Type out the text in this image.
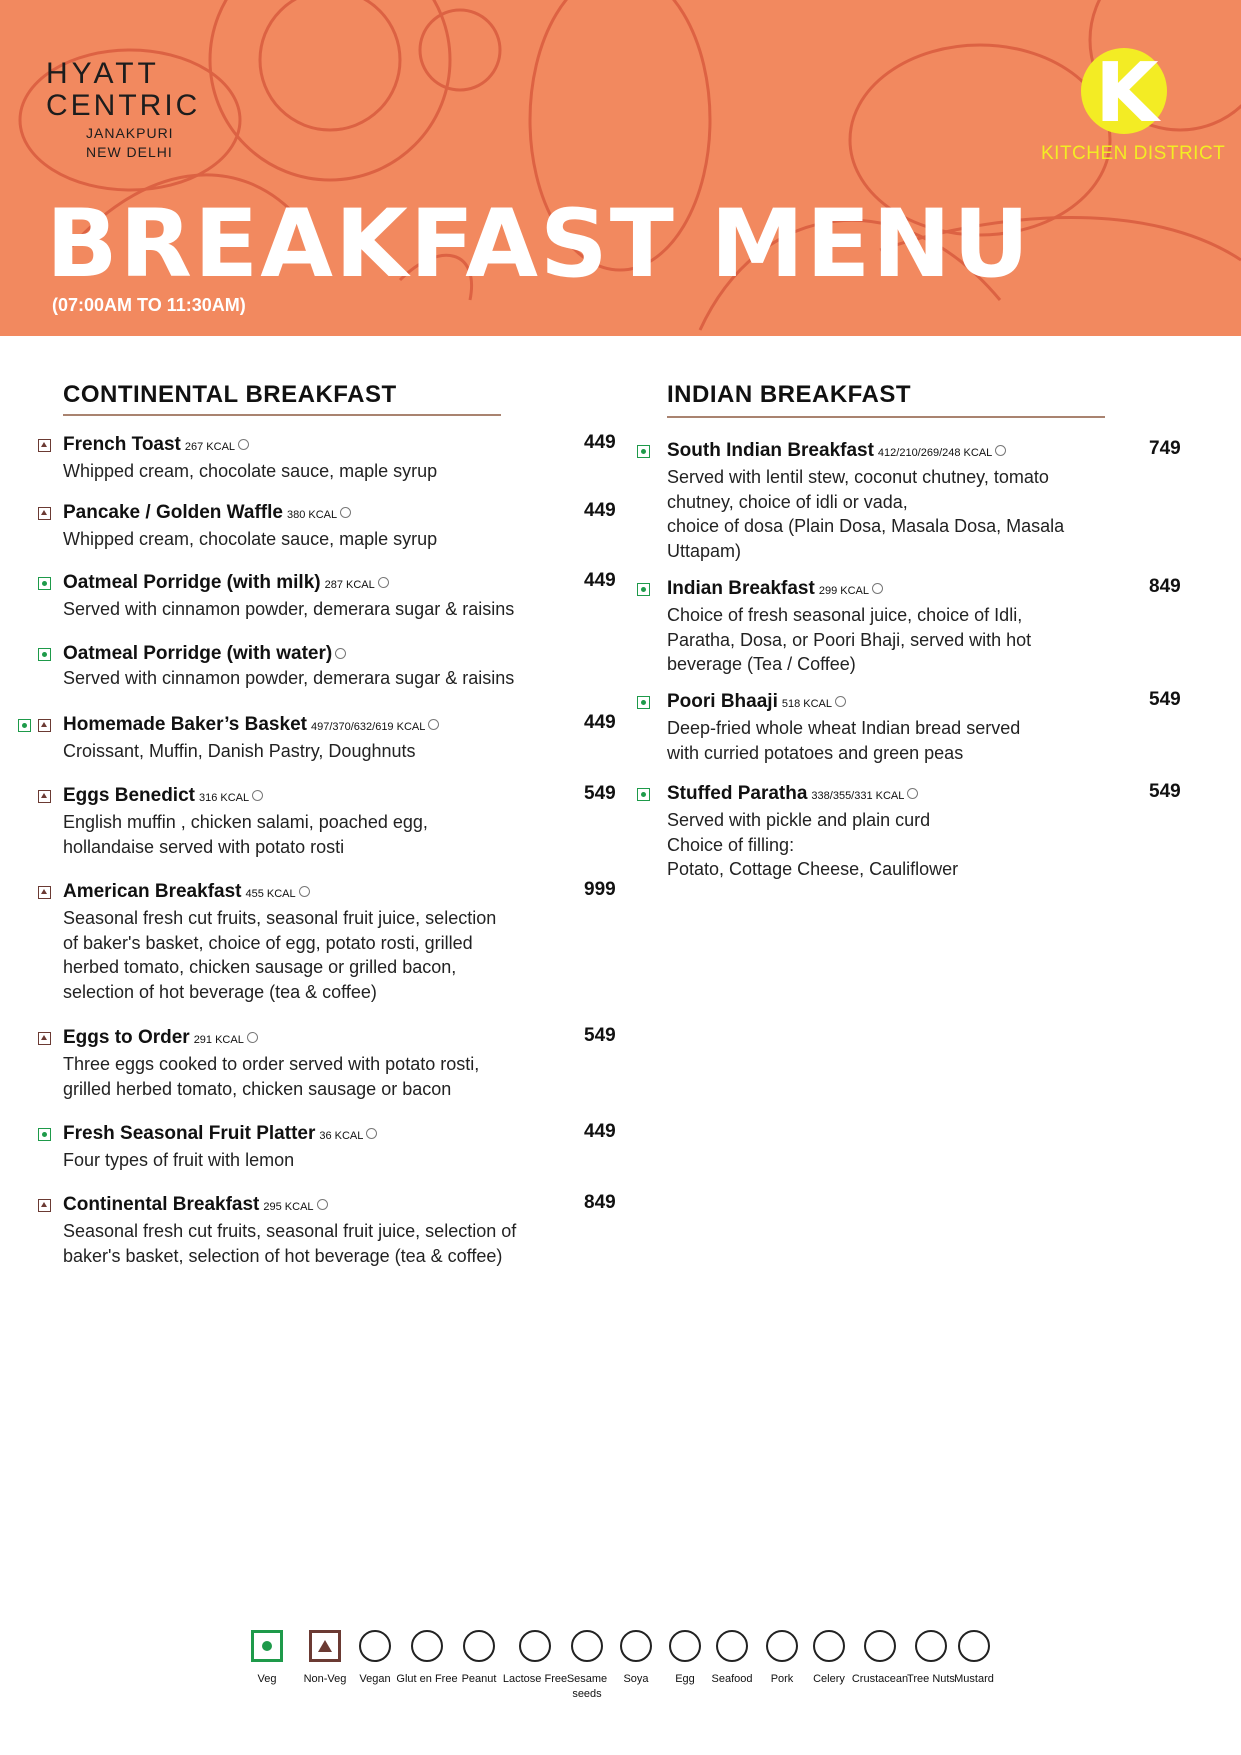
HYATT
CENTRIC
JANAKPURI
NEW DELHI
K
KITCHEN DISTRICT
BREAKFAST MENU
(07:00AM TO 11:30AM)
CONTINENTAL BREAKFAST	INDIAN BREAKFAST
French Toast 267 KCAL
Whipped cream, chocolate sauce, maple syrup
449
Pancake / Golden Waffle 380 KCAL
Whipped cream, chocolate sauce, maple syrup
449
Oatmeal Porridge (with milk) 287 KCAL
Served with cinnamon powder, demerara sugar & raisins
449
Oatmeal Porridge (with water)
Served with cinnamon powder, demerara sugar & raisins
Homemade Baker’s Basket 497/370/632/619 KCAL
Croissant, Muffin, Danish Pastry, Doughnuts
449
Eggs Benedict 316 KCAL
English muffin , chicken salami, poached egg,
hollandaise served with potato rosti
549
American Breakfast 455 KCAL
Seasonal fresh cut fruits, seasonal fruit juice, selection
of baker's basket, choice of egg, potato rosti, grilled
herbed tomato, chicken sausage or grilled bacon,
selection of hot beverage (tea & coffee)
999
Eggs to Order 291 KCAL
Three eggs cooked to order served with potato rosti,
grilled herbed tomato, chicken sausage or bacon
549
Fresh Seasonal Fruit Platter 36 KCAL
Four types of fruit with lemon
449
Continental Breakfast 295 KCAL
Seasonal fresh cut fruits, seasonal fruit juice, selection of
baker's basket, selection of hot beverage (tea & coffee)
849
South Indian Breakfast 412/210/269/248 KCAL
Served with lentil stew, coconut chutney, tomato
chutney, choice of idli or vada,
choice of dosa (Plain Dosa, Masala Dosa, Masala
Uttapam)
749
Indian Breakfast 299 KCAL
Choice of fresh seasonal juice, choice of Idli,
Paratha, Dosa, or Poori Bhaji, served with hot
beverage (Tea / Coffee)
849
Poori Bhaaji 518 KCAL
Deep-fried whole wheat Indian bread served
with curried potatoes and green peas
549
Stuffed Paratha 338/355/331 KCAL
Served with pickle and plain curd
Choice of filling:
Potato, Cottage Cheese, Cauliflower
549
Veg	Non-Veg	Vegan Glut en Free Peanut Lactose Free Sesame seeds
Soya	Egg	Seafood	Pork	Celery Crustacean
Tree Nuts Mustard
